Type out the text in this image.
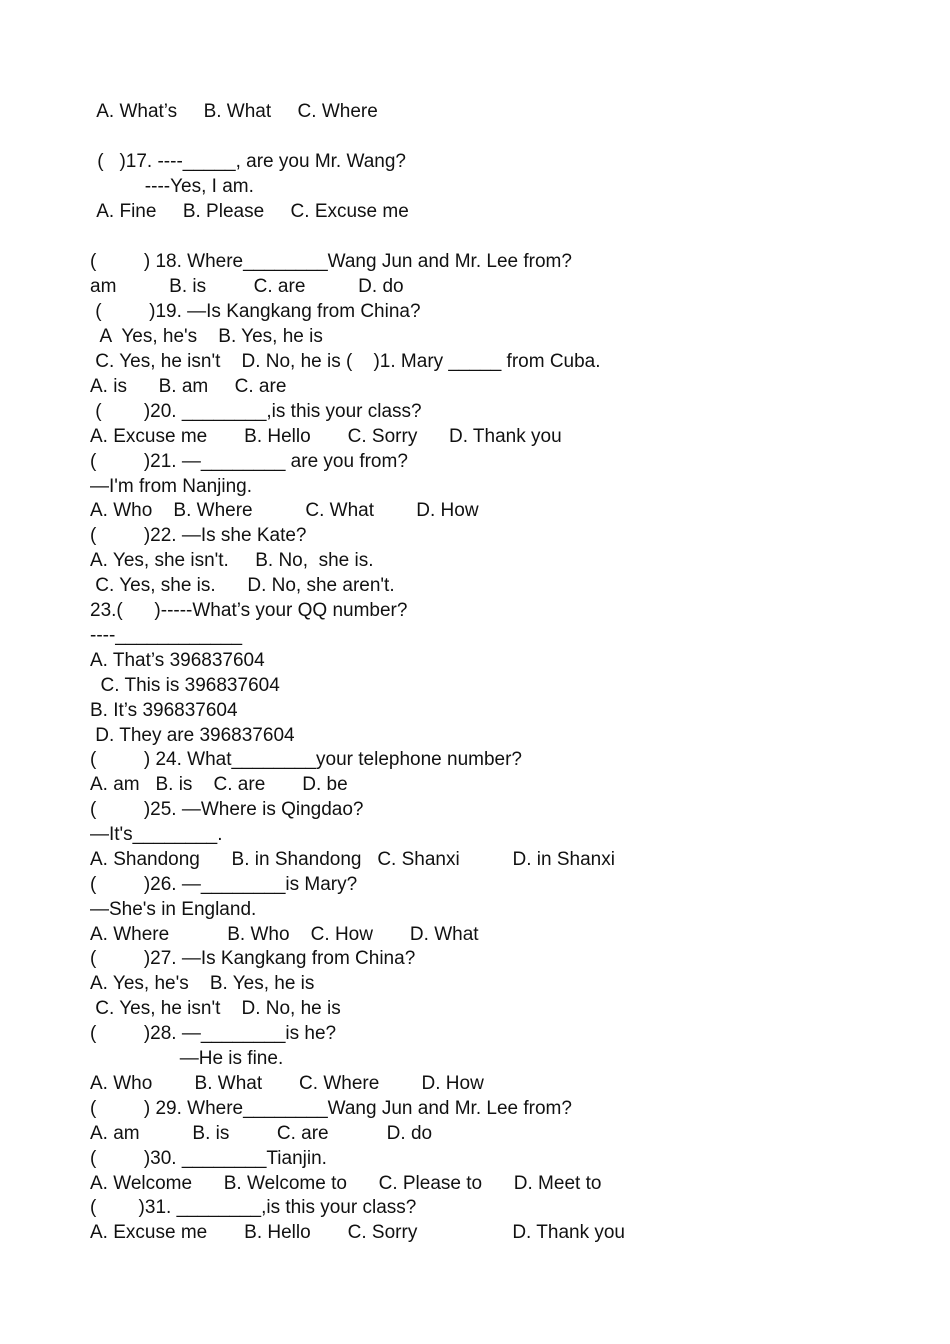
A. What’s     B. What     C. Where
(   )17. ----_____, are you Mr. Wang?
----Yes, I am.
A. Fine     B. Please     C. Excuse me
(         ) 18. Where________Wang Jun and Mr. Lee from?
am          B. is         C. are          D. do
(         )19. —Is Kangkang from China?
A  Yes, he's    B. Yes, he is
C. Yes, he isn't    D. No, he is (    )1. Mary _____ from Cuba.
A. is      B. am     C. are
(        )20. ________,is this your class?
A. Excuse me       B. Hello       C. Sorry      D. Thank you
(         )21. —________ are you from?
—I'm from Nanjing.
A. Who    B. Where          C. What        D. How
(         )22. —Is she Kate?
A. Yes, she isn't.     B. No,  she is.
C. Yes, she is.      D. No, she aren't.
23.(      )-----What’s your QQ number?
----____________
A. That’s 396837604
C. This is 396837604
B. It’s 396837604
D. They are 396837604
(         ) 24. What________your telephone number?
A. am   B. is    C. are       D. be
(         )25. —Where is Qingdao?
—It's________.
A. Shandong      B. in Shandong   C. Shanxi          D. in Shanxi
(         )26. —________is Mary?
—She's in England.
A. Where           B. Who    C. How       D. What
(         )27. —Is Kangkang from China?
A. Yes, he's    B. Yes, he is
C. Yes, he isn't    D. No, he is
(         )28. —________is he?
—He is fine.
A. Who        B. What       C. Where        D. How
(         ) 29. Where________Wang Jun and Mr. Lee from?
A. am          B. is         C. are           D. do
(         )30. ________Tianjin.
A. Welcome      B. Welcome to      C. Please to      D. Meet to
(        )31. ________,is this your class?
A. Excuse me       B. Hello       C. Sorry                  D. Thank you
